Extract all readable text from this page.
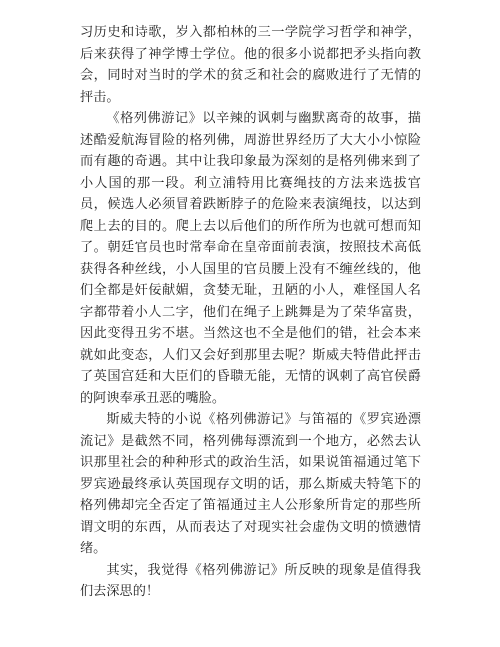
习历史和诗歌，岁入都柏林的三一学院学习哲学和神学，后来获得了神学博士学位。他的很多小说都把矛头指向教会，同时对当时的学术的贫乏和社会的腐败进行了无情的抨击。

《格列佛游记》以辛辣的讽刺与幽默离奇的故事，描述酷爱航海冒险的格列佛，周游世界经历了大大小小惊险而有趣的奇遇。其中让我印象最为深刻的是格列佛来到了小人国的那一段。利立浦特用比赛绳技的方法来选拔官员，候选人必须冒着跌断脖子的危险来表演绳技，以达到爬上去的目的。爬上去以后他们的所作所为也就可想而知了。朝廷官员也时常奉命在皇帝面前表演，按照技术高低获得各种丝线，小人国里的官员腰上没有不缠丝线的，他们全都是奸佞献媚，贪婪无耻，丑陋的小人，难怪国人名字都带着小人二字，他们在绳子上跳舞是为了荣华富贵，因此变得丑劣不堪。当然这也不全是他们的错，社会本来就如此变态，人们又会好到那里去呢？斯威夫特借此抨击了英国宫廷和大臣们的昏聩无能，无情的讽刺了高官侯爵的阿谀奉承丑恶的嘴脸。

斯威夫特的小说《格列佛游记》与笛福的《罗宾逊漂流记》是截然不同，格列佛每漂流到一个地方，必然去认识那里社会的种种形式的政治生活，如果说笛福通过笔下罗宾逊最终承认英国现存文明的话，那么斯威夫特笔下的格列佛却完全否定了笛福通过主人公形象所肯定的那些所谓文明的东西，从而表达了对现实社会虚伪文明的愤懑情绪。

其实，我觉得《格列佛游记》所反映的现象是值得我们去深思的！
